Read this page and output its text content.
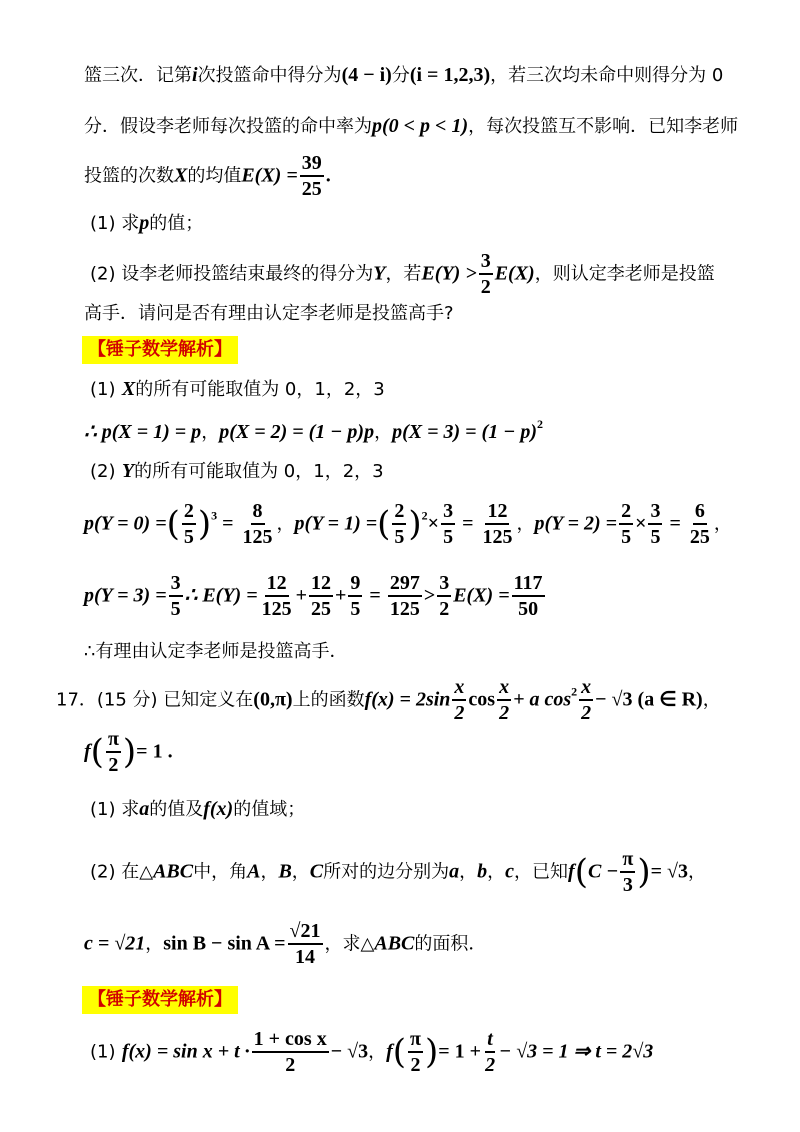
篮三次．记第i次投篮命中得分为(4 − i)分(i = 1,2,3)，若三次均未命中则得分为 0
分．假设李老师每次投篮的命中率为p(0 < p < 1)，每次投篮互不影响．已知李老师
投篮的次数X的均值$E(X) = \frac{39}{25}$ .
(1) 求p的值；
(2) 设李老师投篮结束最终的得分为Y，若$E(Y) > \frac{3}{2} E(X)$，则认定李老师是投篮
高手．请问是否有理由认定李老师是投篮高手?
【锤子数学解析】
(1) X的所有可能取值为 0，1，2，3
∴ p(X = 1) = p，p(X = 2) = (1 − p)p，$p(X = 3) = (1 - p)^2$
(2) Y的所有可能取值为 0，1，2，3
p(Y = 0) =( $\frac{2}{5} )^3 = \frac{8}{125}$ ，p(Y = 1) =( $\frac{2}{5} )^2\times \frac{3}{5} = \frac{12}{125}$ ，$p(Y = 2) = \frac{2}{5} \times \frac{3}{5} = \frac{6}{25}$ ，
$p(Y = 3) = \frac{3}{5}$ ∴ $E(Y) = \frac{12}{125} + \frac{12}{25} + \frac{9}{5} = \frac{297}{125} > \frac{3}{2} E(X) = \frac{117}{50}$
∴有理由认定李老师是投篮高手．
17．(15 分) 已知定义在(0,π)上的函数$f(x) = 2\sin \frac{x}{2}$ $\cos \frac{x}{2} + a$ $\cos^2 \frac{x}{2} - √3$ (a ∈ R)，
$f( \frac{\pi}{2}$ )= 1 .
(1) 求a的值及f(x)的值域；
(2) 在△ABC中，角A，B，C所对的边分别为a，b，c，已知$f(C - \frac{\pi}{3}$ )= √3，
c = √21，$\sin B - \sin A = \frac{√21}{14}$ ，求△ABC的面积．
【锤子数学解析】
(1) $f(x) = \sin x + t \cdot \frac{\text{1 + cos x}}{2} - √3$，$f( \frac{\pi}{2}$ )= $1 + \frac{t}{2} - √3 = 1$ ⇒ t = 2√3
